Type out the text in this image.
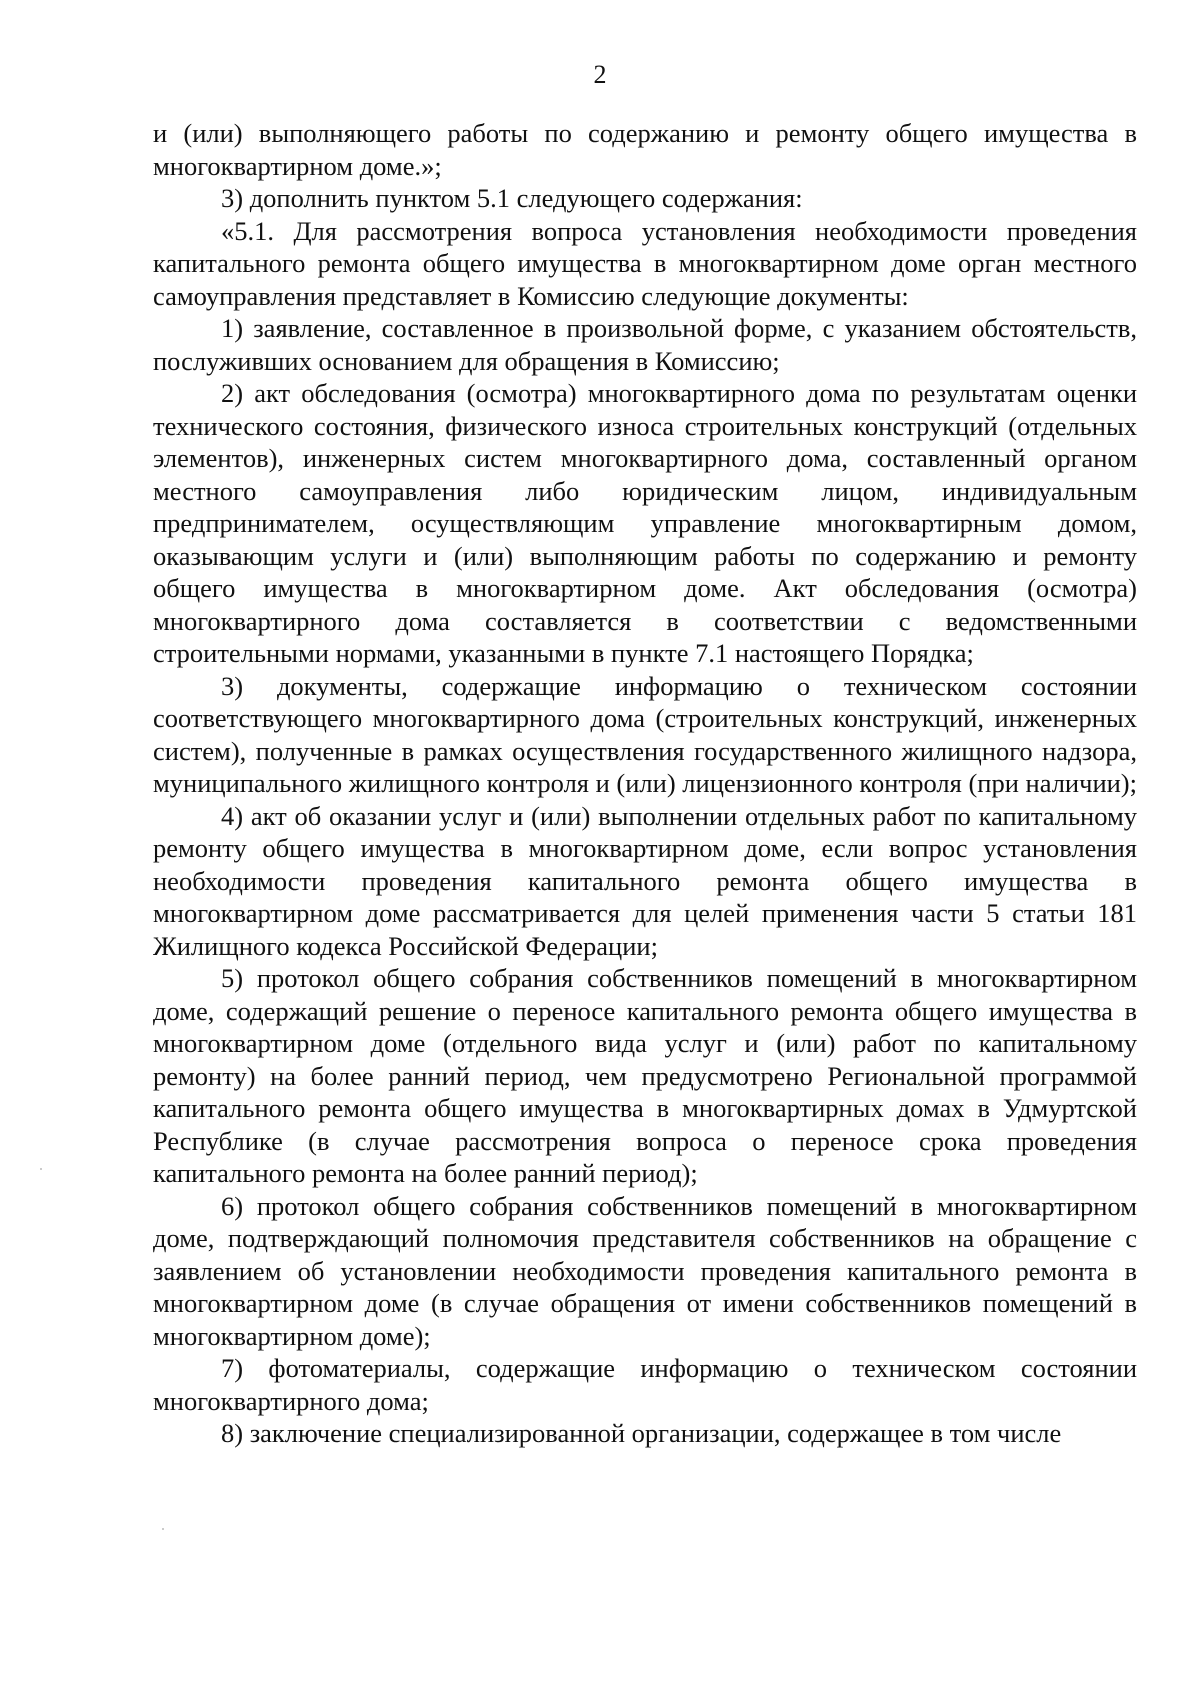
2

и (или) выполняющего работы по содержанию и ремонту общего имущества в многоквартирном доме.»;

3) дополнить пунктом 5.1 следующего содержания:

«5.1. Для рассмотрения вопроса установления необходимости проведения капитального ремонта общего имущества в многоквартирном доме орган местного самоуправления представляет в Комиссию следующие документы:

1) заявление, составленное в произвольной форме, с указанием обстоятельств, послуживших основанием для обращения в Комиссию;

2) акт обследования (осмотра) многоквартирного дома по результатам оценки технического состояния, физического износа строительных конструкций (отдельных элементов), инженерных систем многоквартирного дома, составленный органом местного самоуправления либо юридическим лицом, индивидуальным предпринимателем, осуществляющим управление многоквартирным домом, оказывающим услуги и (или) выполняющим работы по содержанию и ремонту общего имущества в многоквартирном доме. Акт обследования (осмотра) многоквартирного дома составляется в соответствии с ведомственными строительными нормами, указанными в пункте 7.1 настоящего Порядка;

3) документы, содержащие информацию о техническом состоянии соответствующего многоквартирного дома (строительных конструкций, инженерных систем), полученные в рамках осуществления государственного жилищного надзора, муниципального жилищного контроля и (или) лицензионного контроля (при наличии);

4) акт об оказании услуг и (или) выполнении отдельных работ по капитальному ремонту общего имущества в многоквартирном доме, если вопрос установления необходимости проведения капитального ремонта общего имущества в многоквартирном доме рассматривается для целей применения части 5 статьи 181 Жилищного кодекса Российской Федерации;

5) протокол общего собрания собственников помещений в многоквартирном доме, содержащий решение о переносе капитального ремонта общего имущества в многоквартирном доме (отдельного вида услуг и (или) работ по капитальному ремонту) на более ранний период, чем предусмотрено Региональной программой капитального ремонта общего имущества в многоквартирных домах в Удмуртской Республике (в случае рассмотрения вопроса о переносе срока проведения капитального ремонта на более ранний период);

6) протокол общего собрания собственников помещений в многоквартирном доме, подтверждающий полномочия представителя собственников на обращение с заявлением об установлении необходимости проведения капитального ремонта в многоквартирном доме (в случае обращения от имени собственников помещений в многоквартирном доме);

7) фотоматериалы, содержащие информацию о техническом состоянии многоквартирного дома;

8) заключение специализированной организации, содержащее в том числе
